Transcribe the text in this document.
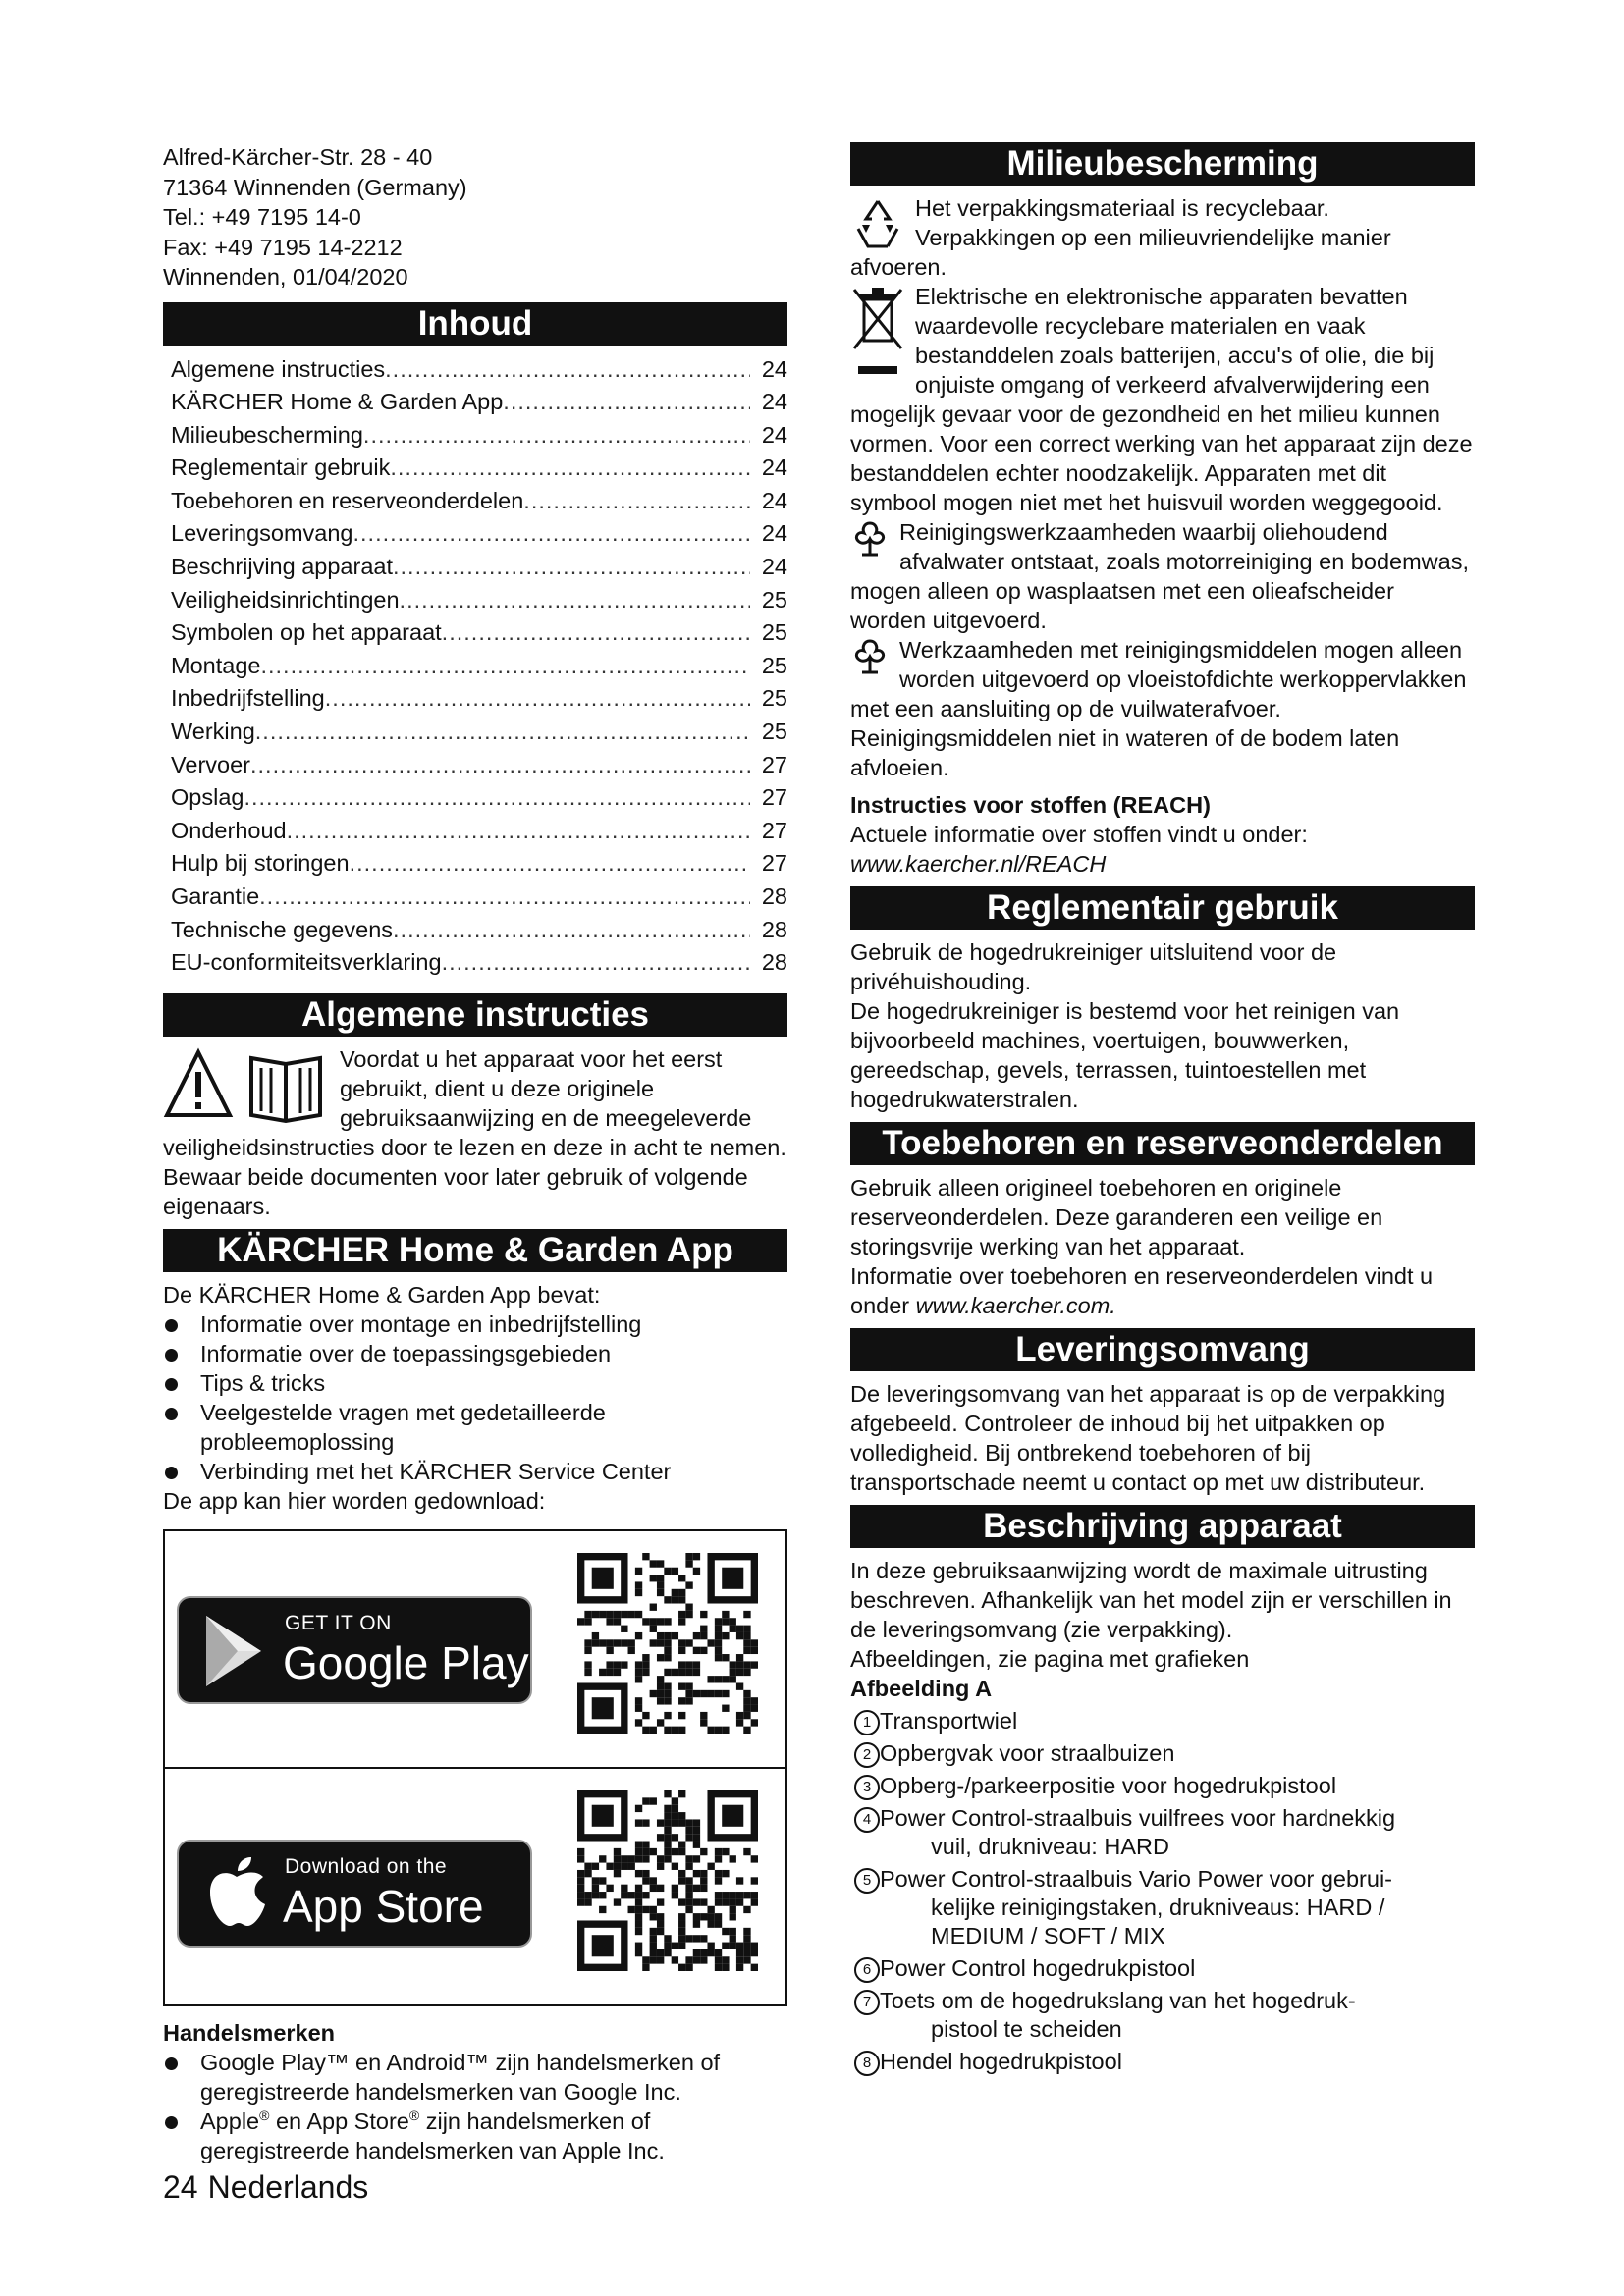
Alfred-Kärcher-Str. 28 - 40

71364 Winnenden (Germany)

Tel.: +49 7195 14-0

Fax: +49 7195 14-2212

Winnenden, 01/04/2020

Inhoud
Algemene instructies .....	24
KÄRCHER Home & Garden App .....	24
Milieubescherming .....	24
Reglementair gebruik .....	24
Toebehoren en reserveonderdelen .....	24
Leveringsomvang .....	24
Beschrijving apparaat .....	24
Veiligheidsinrichtingen .....	25
Symbolen op het apparaat .....	25
Montage .....	25
Inbedrijfstelling .....	25
Werking .....	25
Vervoer .....	27
Opslag .....	27
Onderhoud .....	27
Hulp bij storingen .....	27
Garantie .....	28
Technische gegevens .....	28
EU-conformiteitsverklaring .....	28
Algemene instructies

Voordat u het apparaat voor het eerst gebruikt, dient u deze originele gebruiksaanwijzing en de meegeleverde veiligheidsinstructies door te lezen en deze in acht te nemen. Bewaar beide documenten voor later gebruik of volgende eigenaars.

KÄRCHER Home & Garden App

De KÄRCHER Home & Garden App bevat:

Informatie over montage en inbedrijfstelling
Informatie over de toepassingsgebieden
Tips & tricks
Veelgestelde vragen met gedetailleerde probleemoplossing
Verbinding met het KÄRCHER Service Center

De app kan hier worden gedownload:

GET IT ON
Google Play
Download on the
App Store

Handelsmerken

Google Play™ en Android™ zijn handelsmerken of geregistreerde handelsmerken van Google Inc.
Apple® en App Store® zijn handelsmerken of geregistreerde handelsmerken van Apple Inc.
Milieubescherming

Het verpakkingsmateriaal is recyclebaar. Verpakkingen op een milieuvriendelijke manier afvoeren.

Elektrische en elektronische apparaten bevatten waardevolle recyclebare materialen en vaak bestanddelen zoals batterijen, accu's of olie, die bij onjuiste omgang of verkeerd afvalverwijdering een mogelijk gevaar voor de gezondheid en het milieu kunnen vormen. Voor een correct werking van het apparaat zijn deze bestanddelen echter noodzakelijk. Apparaten met dit symbool mogen niet met het huisvuil worden weggegooid.

Reinigingswerkzaamheden waarbij oliehoudend afvalwater ontstaat, zoals motorreiniging en bodemwas, mogen alleen op wasplaatsen met een olieafscheider worden uitgevoerd.

Werkzaamheden met reinigingsmiddelen mogen alleen worden uitgevoerd op vloeistofdichte werkoppervlakken met een aansluiting op de vuilwaterafvoer. Reinigingsmiddelen niet in wateren of de bodem laten afvloeien.

Instructies voor stoffen (REACH)

Actuele informatie over stoffen vindt u onder: www.kaercher.nl/REACH

Reglementair gebruik

Gebruik de hogedrukreiniger uitsluitend voor de privéhuishouding.

De hogedrukreiniger is bestemd voor het reinigen van bijvoorbeeld machines, voertuigen, bouwwerken, gereedschap, gevels, terrassen, tuintoestellen met hogedrukwaterstralen.

Toebehoren en reserveonderdelen

Gebruik alleen origineel toebehoren en originele reserveonderdelen. Deze garanderen een veilige en storingsvrije werking van het apparaat.

Informatie over toebehoren en reserveonderdelen vindt u onder www.kaercher.com.

Leveringsomvang

De leveringsomvang van het apparaat is op de verpakking afgebeeld. Controleer de inhoud bij het uitpakken op volledigheid. Bij ontbrekend toebehoren of bij transportschade neemt u contact op met uw distributeur.

Beschrijving apparaat

In deze gebruiksaanwijzing wordt de maximale uitrusting beschreven. Afhankelijk van het model zijn er verschillen in de leveringsomvang (zie verpakking).

Afbeeldingen, zie pagina met grafieken

Afbeelding A

1 Transportwiel
2 Opbergvak voor straalbuizen
3 Opberg-/parkeerpositie voor hogedrukpistool
4 Power Control-straalbuis vuilfrees voor hardnekkig
vuil, drukniveau: HARD
5 Power Control-straalbuis Vario Power voor gebrui-
kelijke reinigingstaken, drukniveaus: HARD / MEDIUM / SOFT / MIX
6 Power Control hogedrukpistool
7 Toets om de hogedrukslang van het hogedruk-
pistool te scheiden
8 Hendel hogedrukpistool
24 Nederlands
